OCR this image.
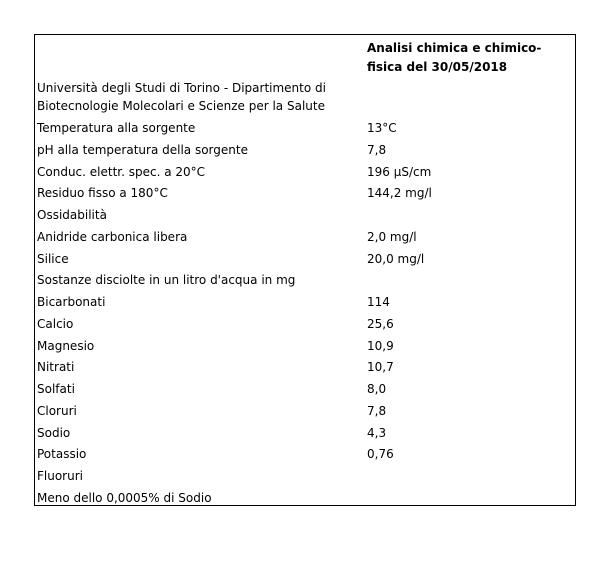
Analisi chimica e chimico-
fisica del 30/05/2018
Università degli Studi di Torino - Dipartimento di
Biotecnologie Molecolari e Scienze per la Salute
Temperatura alla sorgente	13°C
pH alla temperatura della sorgente	7,8
Conduc. elettr. spec. a 20°C	196 µS/cm
Residuo fisso a 180°C	144,2 mg/l
Ossidabilità
Anidride carbonica libera	2,0 mg/l
Silice	20,0 mg/l
Sostanze disciolte in un litro d'acqua in mg
Bicarbonati	114
Calcio	25,6
Magnesio	10,9
Nitrati	10,7
Solfati	8,0
Cloruri	7,8
Sodio	4,3
Potassio	0,76
Fluoruri
Meno dello 0,0005% di Sodio
